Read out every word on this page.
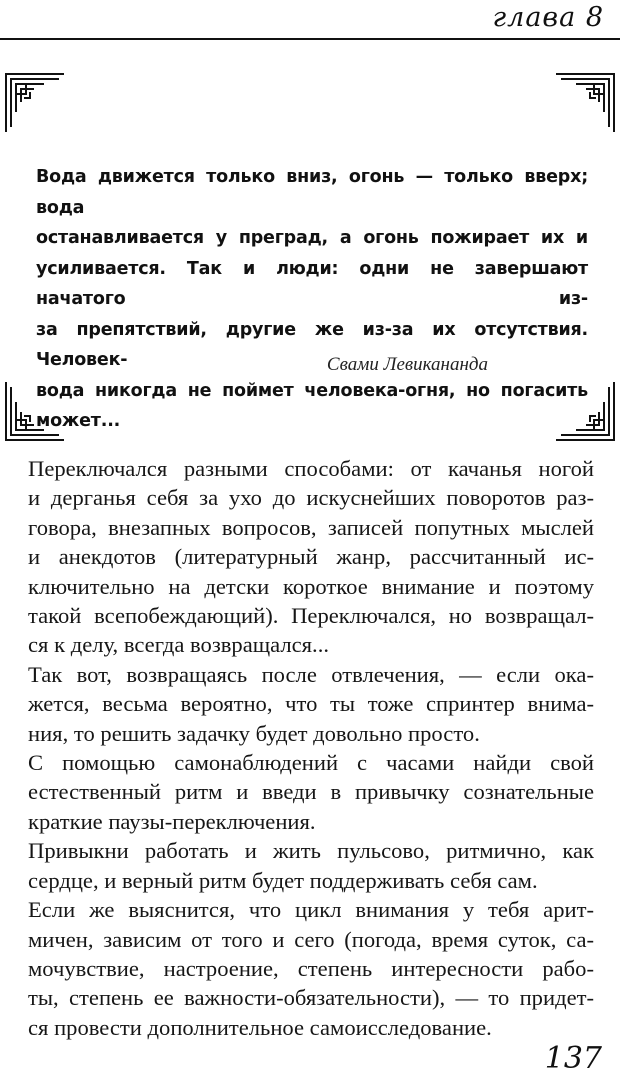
глава 8
Вода движется только вниз, огонь — только вверх; вода
останавливается у преград, а огонь пожирает их и
усиливается. Так и люди: одни не завершают начатого из-
за препятствий, другие же из-за их отсутствия. Человек-
вода никогда не поймет человека-огня, но погасить может...
Свами Левикананда

Переключался разными способами: от качанья ногой
и дерганья себя за ухо до искуснейших поворотов раз-
говора, внезапных вопросов, записей попутных мыслей
и анекдотов (литературный жанр, рассчитанный ис-
ключительно на детски короткое внимание и поэтому
такой всепобеждающий). Переключался, но возвращал-
ся к делу, всегда возвращался...

Так вот, возвращаясь после отвлечения, — если ока-
жется, весьма вероятно, что ты тоже спринтер внима-
ния, то решить задачку будет довольно просто.

С помощью самонаблюдений с часами найди свой
естественный ритм и введи в привычку сознательные
краткие паузы-переключения.

Привыкни работать и жить пульсово, ритмично, как
сердце, и верный ритм будет поддерживать себя сам.

Если же выяснится, что цикл внимания у тебя арит-
мичен, зависим от того и сего (погода, время суток, са-
мочувствие, настроение, степень интересности рабо-
ты, степень ее важности-обязательности), — то придет-
ся провести дополнительное самоисследование.

137
